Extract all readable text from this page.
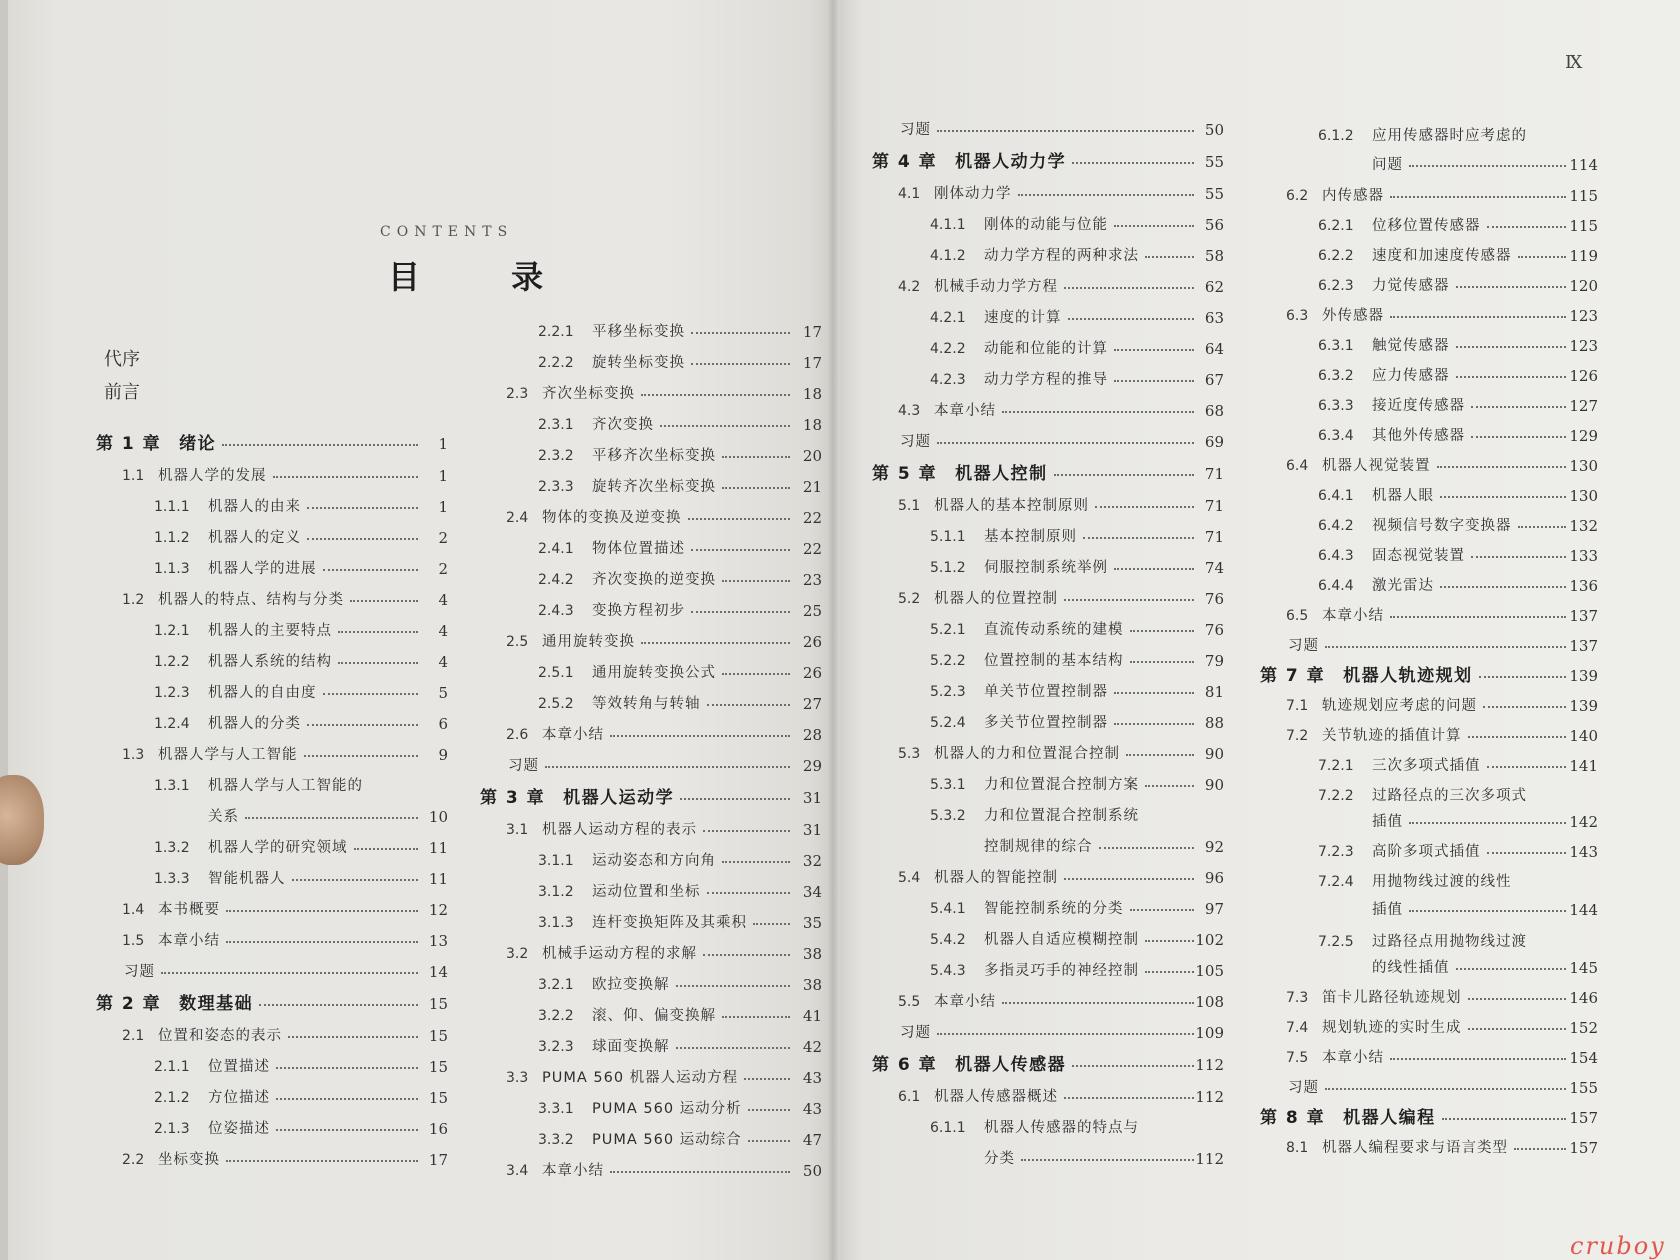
CONTENTS
目 录
代序
前言
Ⅸ
cruboy
第 1 章 绪论	1
1.1 机器人学的发展	1
1.1.1 机器人的由来	1
1.1.2 机器人的定义	2
1.1.3 机器人学的进展	2
1.2 机器人的特点、结构与分类	4
1.2.1 机器人的主要特点	4
1.2.2 机器人系统的结构	4
1.2.3 机器人的自由度	5
1.2.4 机器人的分类	6
1.3 机器人学与人工智能	9
1.3.1 机器人学与人工智能的
关系	10
1.3.2 机器人学的研究领域	11
1.3.3 智能机器人	11
1.4 本书概要	12
1.5 本章小结	13
习题	14
第 2 章 数理基础	15
2.1 位置和姿态的表示	15
2.1.1 位置描述	15
2.1.2 方位描述	15
2.1.3 位姿描述	16
2.2 坐标变换	17
2.2.1 平移坐标变换	17
2.2.2 旋转坐标变换	17
2.3 齐次坐标变换	18
2.3.1 齐次变换	18
2.3.2 平移齐次坐标变换	20
2.3.3 旋转齐次坐标变换	21
2.4 物体的变换及逆变换	22
2.4.1 物体位置描述	22
2.4.2 齐次变换的逆变换	23
2.4.3 变换方程初步	25
2.5 通用旋转变换	26
2.5.1 通用旋转变换公式	26
2.5.2 等效转角与转轴	27
2.6 本章小结	28
习题	29
第 3 章 机器人运动学	31
3.1 机器人运动方程的表示	31
3.1.1 运动姿态和方向角	32
3.1.2 运动位置和坐标	34
3.1.3 连杆变换矩阵及其乘积	35
3.2 机械手运动方程的求解	38
3.2.1 欧拉变换解	38
3.2.2 滚、仰、偏变换解	41
3.2.3 球面变换解	42
3.3 PUMA 560 机器人运动方程	43
3.3.1 PUMA 560 运动分析	43
3.3.2 PUMA 560 运动综合	47
3.4 本章小结	50
习题	50
第 4 章 机器人动力学	55
4.1 刚体动力学	55
4.1.1 刚体的动能与位能	56
4.1.2 动力学方程的两种求法	58
4.2 机械手动力学方程	62
4.2.1 速度的计算	63
4.2.2 动能和位能的计算	64
4.2.3 动力学方程的推导	67
4.3 本章小结	68
习题	69
第 5 章 机器人控制	71
5.1 机器人的基本控制原则	71
5.1.1 基本控制原则	71
5.1.2 伺服控制系统举例	74
5.2 机器人的位置控制	76
5.2.1 直流传动系统的建模	76
5.2.2 位置控制的基本结构	79
5.2.3 单关节位置控制器	81
5.2.4 多关节位置控制器	88
5.3 机器人的力和位置混合控制	90
5.3.1 力和位置混合控制方案	90
5.3.2 力和位置混合控制系统
控制规律的综合	92
5.4 机器人的智能控制	96
5.4.1 智能控制系统的分类	97
5.4.2 机器人自适应模糊控制	102
5.4.3 多指灵巧手的神经控制	105
5.5 本章小结	108
习题	109
第 6 章 机器人传感器	112
6.1 机器人传感器概述	112
6.1.1 机器人传感器的特点与
分类	112
6.1.2 应用传感器时应考虑的
问题	114
6.2 内传感器	115
6.2.1 位移位置传感器	115
6.2.2 速度和加速度传感器	119
6.2.3 力觉传感器	120
6.3 外传感器	123
6.3.1 触觉传感器	123
6.3.2 应力传感器	126
6.3.3 接近度传感器	127
6.3.4 其他外传感器	129
6.4 机器人视觉装置	130
6.4.1 机器人眼	130
6.4.2 视频信号数字变换器	132
6.4.3 固态视觉装置	133
6.4.4 激光雷达	136
6.5 本章小结	137
习题	137
第 7 章 机器人轨迹规划	139
7.1 轨迹规划应考虑的问题	139
7.2 关节轨迹的插值计算	140
7.2.1 三次多项式插值	141
7.2.2 过路径点的三次多项式
插值	142
7.2.3 高阶多项式插值	143
7.2.4 用抛物线过渡的线性
插值	144
7.2.5 过路径点用抛物线过渡
的线性插值	145
7.3 笛卡儿路径轨迹规划	146
7.4 规划轨迹的实时生成	152
7.5 本章小结	154
习题	155
第 8 章 机器人编程	157
8.1 机器人编程要求与语言类型	157
